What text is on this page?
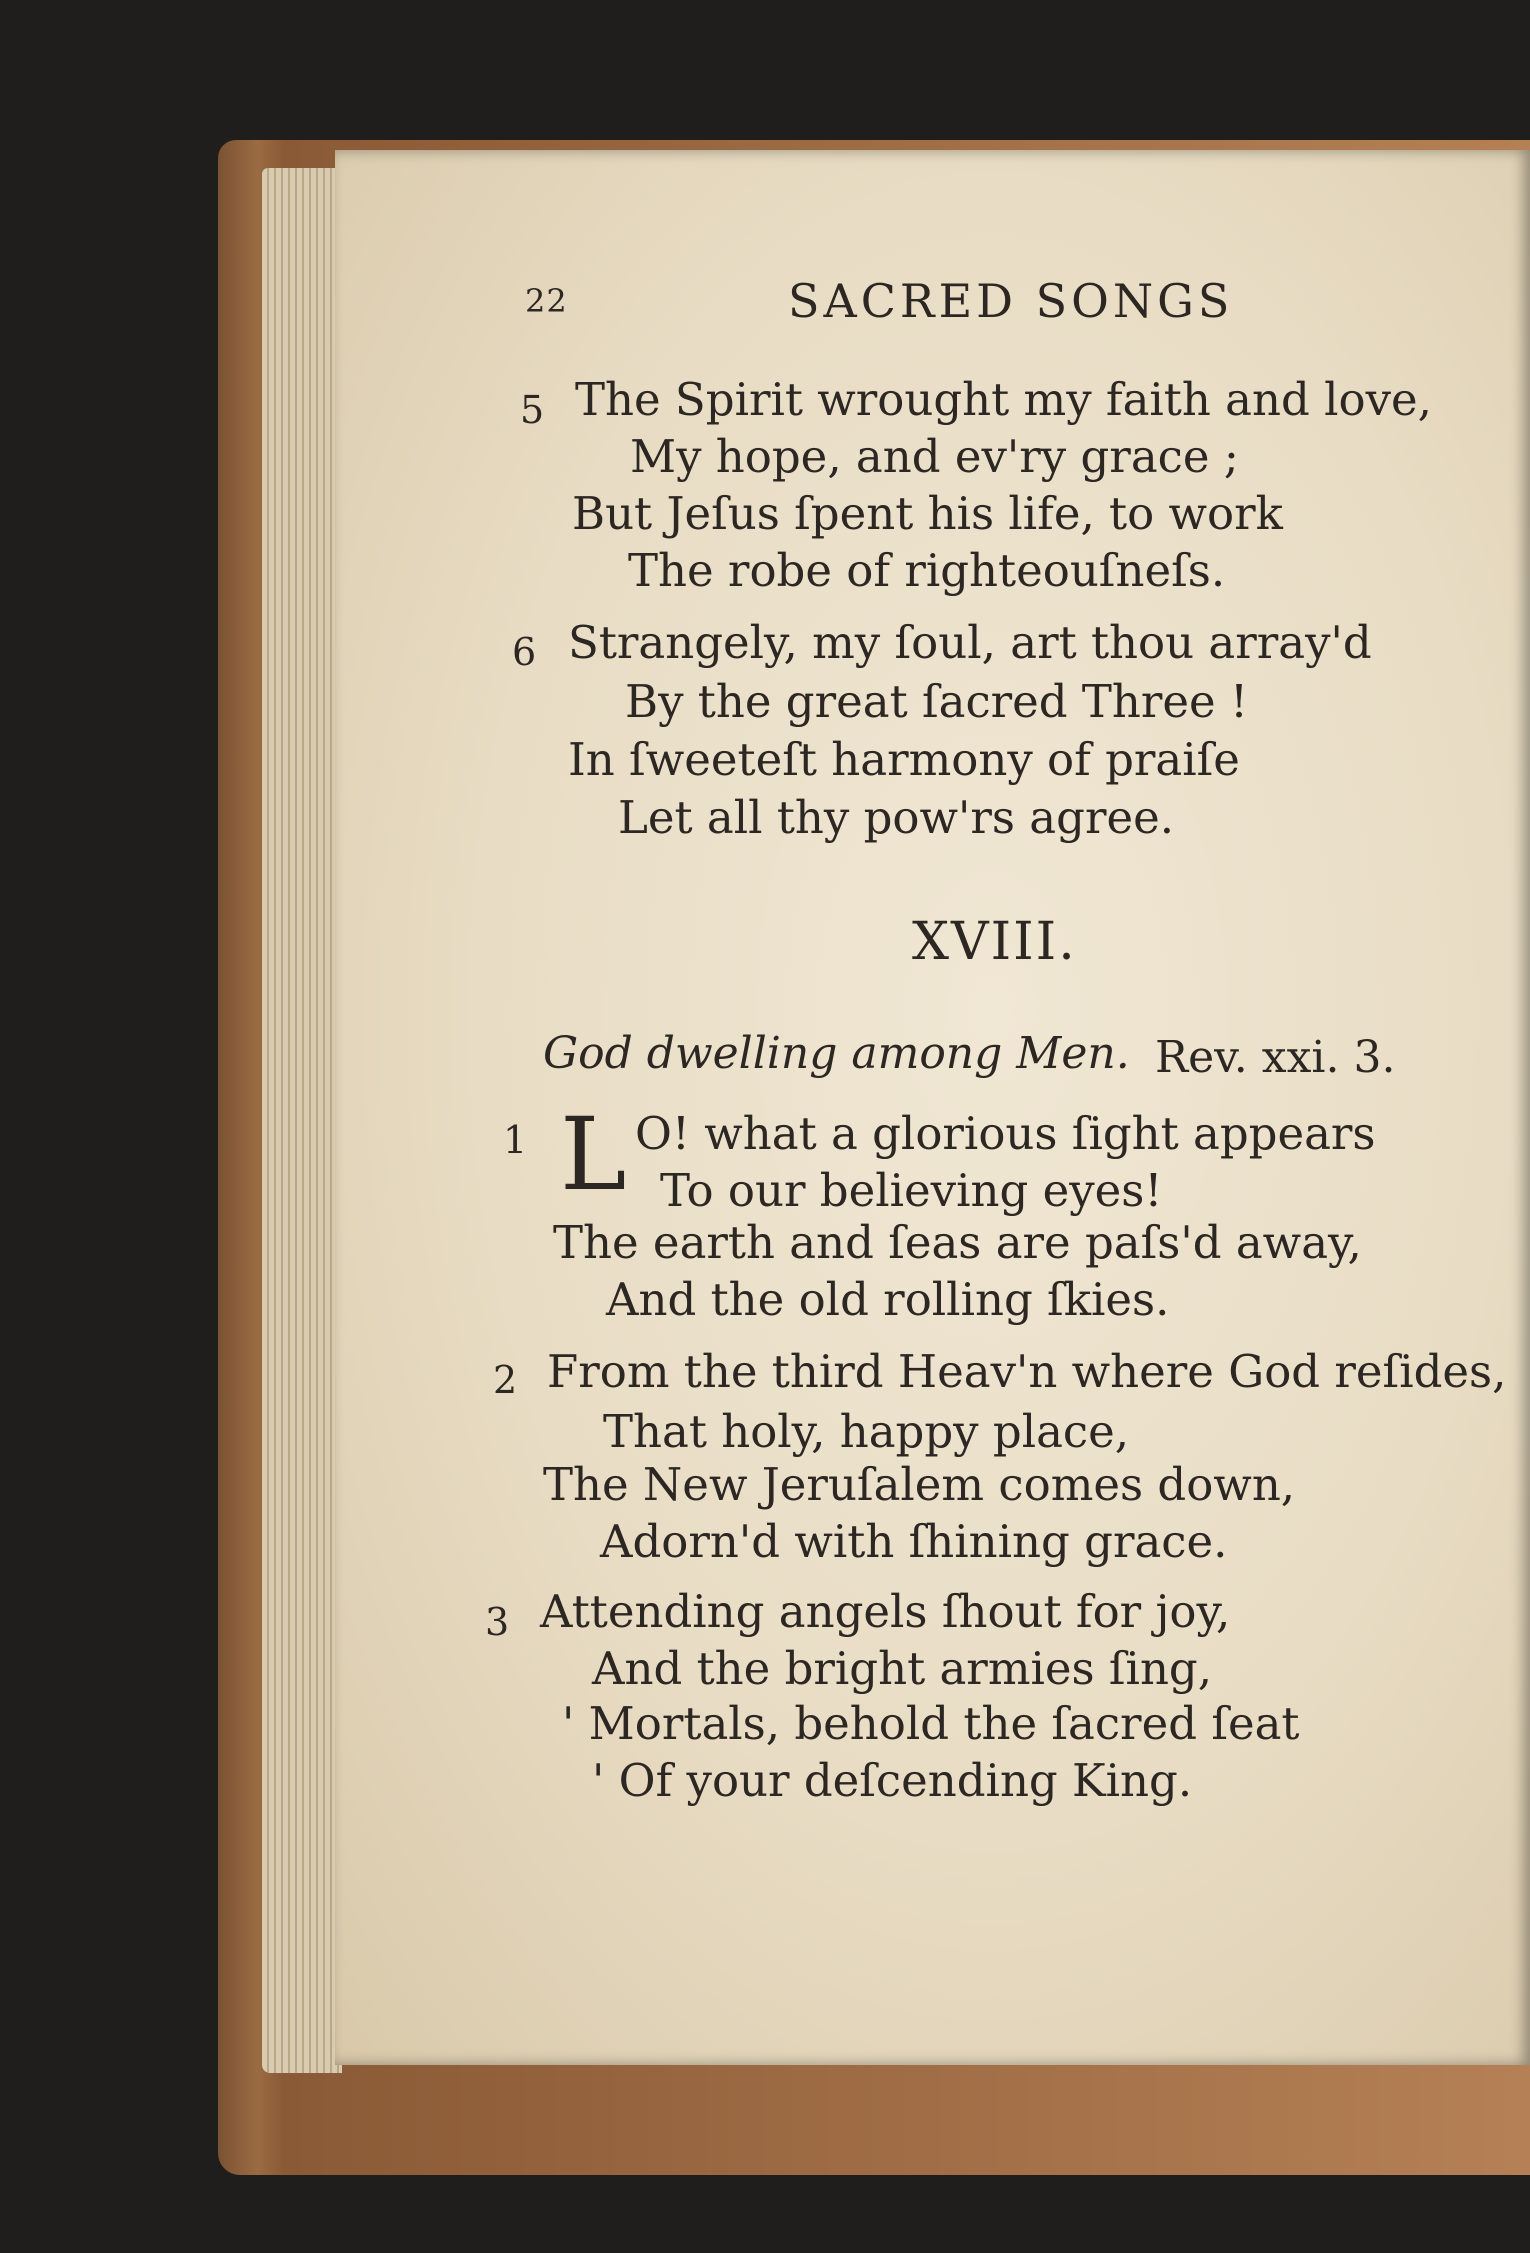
22	SACRED SONGS
5 The Spirit wrought my faith and love,
My hope, and ev'ry grace ;
But Jeſus ſpent his life, to work
The robe of righteouſneſs.
6 Strangely, my ſoul, art thou array'd
By the great ſacred Three !
In ſweeteſt harmony of praiſe
Let all thy pow'rs agree.
XVIII.
God dwelling among Men. Rev. xxi. 3.
1 L O! what a glorious ſight appears
To our believing eyes!
The earth and ſeas are paſs'd away,
And the old rolling ſkies.
2 From the third Heav'n where God reſides,
That holy, happy place,
The New Jeruſalem comes down,
Adorn'd with ſhining grace.
3 Attending angels ſhout for joy,
And the bright armies ſing,
' Mortals, behold the ſacred ſeat
' Of your deſcending King.
